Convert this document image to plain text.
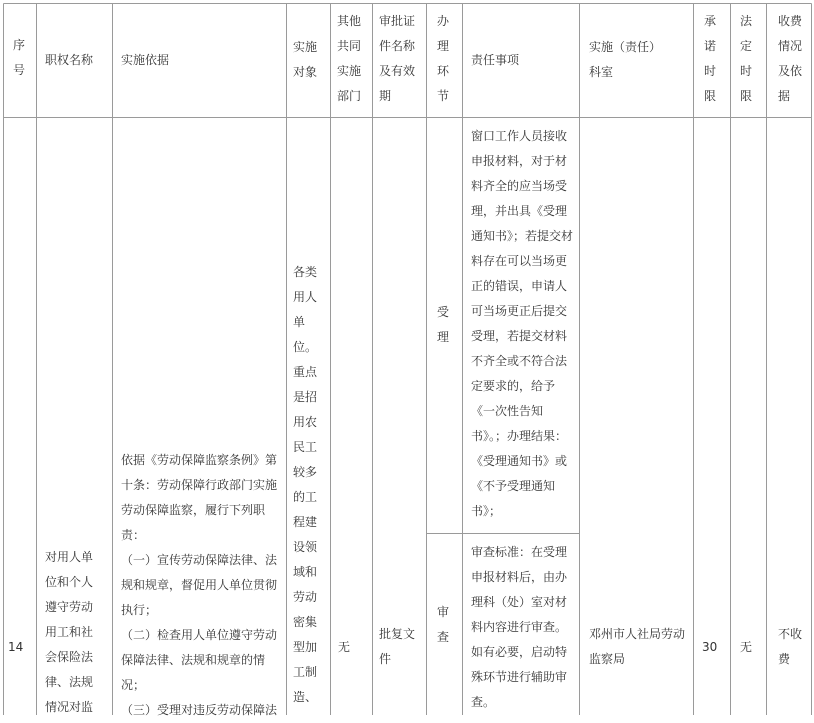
序号
职权名称	实施依据
实施对象
其他共同实施部门
审批证件名称及有效期
办理环节
责任事项
实施（责任）科室
承诺时限
法定时限
收费情况及依据
14
对用人单位和个人遵守劳动用工和社会保险法律、法规情况对监
依据《劳动保障监察条例》第
十条：劳动保障行政部门实施
劳动保障监察，履行下列职
责：
（一）宣传劳动保障法律、法
规和规章，督促用人单位贯彻
执行；
（二）检查用人单位遵守劳动
保障法律、法规和规章的情
况；
（三）受理对违反劳动保障法
各类用人单位。重点是招用农民工较多的工程建设领域和劳动密集型加工制造、
无
批复文件
受理
窗口工作人员接收申报材料，对于材料齐全的应当场受理，并出具《受理通知书》；若提交材料存在可以当场更正的错误，申请人可当场更正后提交受理，若提交材料不齐全或不符合法定要求的，给予《一次性告知书》。；办理结果：《受理通知书》或《不予受理通知书》；
审查
审查标准：在受理申报材料后，由办理科（处）室对材料内容进行审查。如有必要，启动特殊环节进行辅助审查。
邓州市人社局劳动监察局
30	无
不收费
